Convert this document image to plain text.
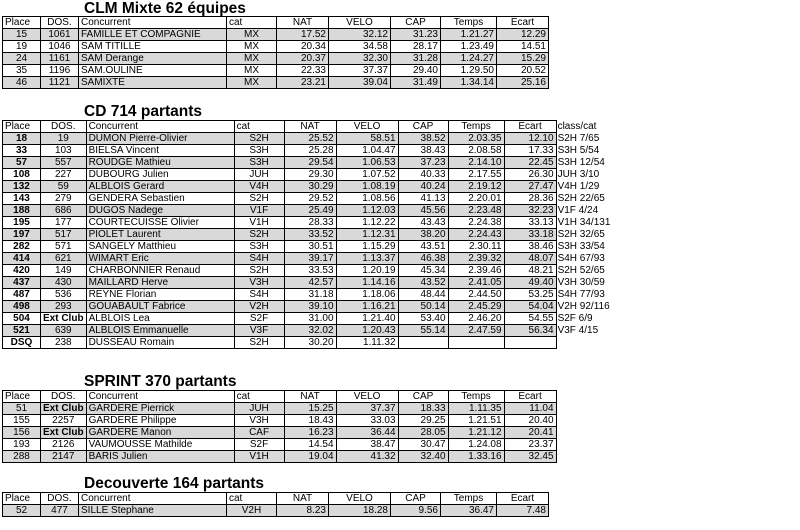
CLM Mixte 62 équipes
Place	DOS.	Concurrent	cat	NAT	VELO	CAP	Temps	Ecart
15	1061	FAMILLE ET COMPAGNIE	MX	17.52	32.12	31.23	1.21.27	12.29
19	1046	SAM TITILLE	MX	20.34	34.58	28.17	1.23.49	14.51
24	1161	SAM Derange	MX	20.37	32.30	31.28	1.24.27	15.29
35	1196	SAM.OULINE	MX	22.33	37.37	29.40	1.29.50	20.52
46	1121	SAMIXTE	MX	23.21	39.04	31.49	1.34.14	25.16
CD 714 partants
Place	DOS.	Concurrent	cat	NAT	VELO	CAP	Temps	Ecart	class/cat
18	19	DUMON Pierre-Olivier	S2H	25.52	58.51	38.52	2.03.35	12.10	S2H 7/65
33	103	BIELSA Vincent	S3H	25.28	1.04.47	38.43	2.08.58	17.33	S3H 5/54
57	557	ROUDGE Mathieu	S3H	29.54	1.06.53	37.23	2.14.10	22.45	S3H 12/54
108	227	DUBOURG Julien	JUH	29.30	1.07.52	40.33	2.17.55	26.30	JUH 3/10
132	59	ALBLOIS Gerard	V4H	30.29	1.08.19	40.24	2.19.12	27.47	V4H 1/29
143	279	GENDERA Sebastien	S2H	29.52	1.08.56	41.13	2.20.01	28.36	S2H 22/65
188	686	DUGOS Nadege	V1F	25.49	1.12.03	45.56	2.23.48	32.23	V1F 4/24
195	177	COURTECUISSE Olivier	V1H	28.33	1.12.22	43.43	2.24.38	33.13	V1H 34/131
197	517	PIOLET Laurent	S2H	33.52	1.12.31	38.20	2.24.43	33.18	S2H 32/65
282	571	SANGELY Matthieu	S3H	30.51	1.15.29	43.51	2.30.11	38.46	S3H 33/54
414	621	WIMART Eric	S4H	39.17	1.13.37	46.38	2.39.32	48.07	S4H 67/93
420	149	CHARBONNIER Renaud	S2H	33.53	1.20.19	45.34	2.39.46	48.21	S2H 52/65
437	430	MAILLARD Herve	V3H	42.57	1.14.16	43.52	2.41.05	49.40	V3H 30/59
487	536	REYNE Florian	S4H	31.18	1.18.06	48.44	2.44.50	53.25	S4H 77/93
498	293	GOUABAULT Fabrice	V2H	39.10	1.16.21	50.14	2.45.29	54.04	V2H 92/116
504	Ext Club	ALBLOIS Lea	S2F	31.00	1.21.40	53.40	2.46.20	54.55	S2F 6/9
521	639	ALBLOIS Emmanuelle	V3F	32.02	1.20.43	55.14	2.47.59	56.34	V3F 4/15
DSQ	238	DUSSEAU Romain	S2H	30.20	1.11.32				
SPRINT 370 partants
Place	DOS.	Concurrent	cat	NAT	VELO	CAP	Temps	Ecart
51	Ext Club	GARDERE Pierrick	JUH	15.25	37.37	18.33	1.11.35	11.04
155	2257	GARDERE Philippe	V3H	18.43	33.03	29.25	1.21.51	20.40
156	Ext Club	GARDERE Manon	CAF	16.23	36.44	28.05	1.21.12	20.41
193	2126	VAUMOUSSE Mathilde	S2F	14.54	38.47	30.47	1.24.08	23.37
288	2147	BARIS Julien	V1H	19.04	41.32	32.40	1.33.16	32.45
Decouverte 164 partants
Place	DOS.	Concurrent	cat	NAT	VELO	CAP	Temps	Ecart
52	477	SILLE Stephane	V2H	8.23	18.28	9.56	36.47	7.48
